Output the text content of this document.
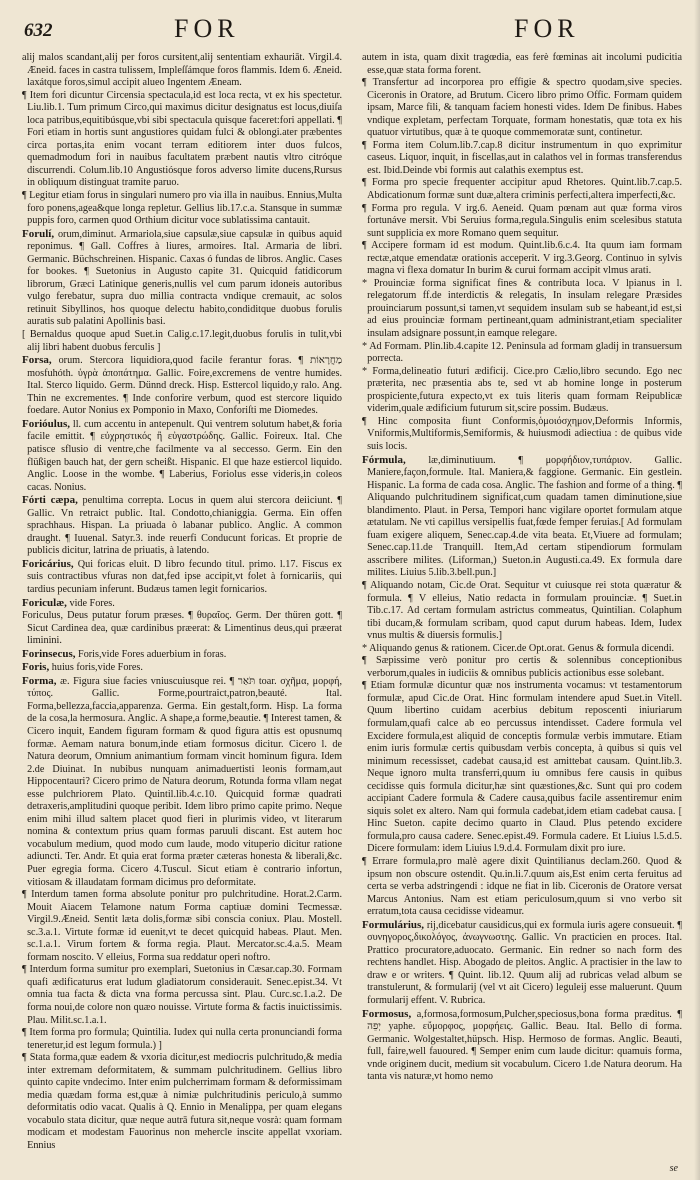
632	FOR	FOR

alij malos scandant,alij per foros cursitent,alij sententiam exhauriāt. Virgil.4. Æneid. faces in castra tulissem, Impleſſámque foros flammis. Idem 6. Æneid. laxátque foros,simul accipit alueo Ingentem Æneam.

¶ Item fori dicuntur Circensia spectacula,id est loca recta, vt ex his spectetur. Liu.lib.1. Tum primum Circo,qui maximus dicitur designatus est locus,diuiſa loca patribus,equitibúsque,vbi sibi spectacula quisque faceret:fori appellati. ¶ Fori etiam in hortis sunt angustiores quidam fulci & oblongi.ater præbentes circa portas,ita enim vocant terram editiorem inter duos fulcos, quemadmodum fori in nauibus facultatem præbent nautis vltro citróque discurrendi. Colum.lib.10 Angustiósque foros adverso limite ducens,Rursus in obliquum distinguat tramite paruo.

¶ Legitur etiam forus in singulari numero pro via illa in nauibus. Ennius,Multa foro ponens,agea&que longa repletur. Gellius lib.17.c.a. Stansque in summæ puppis foro, carmen quod Orthium dicitur voce sublatissima cantauit.

Forulí, orum,diminut. Armariola,siue capsulæ,siue capsulæ in quibus aquid reponimus. ¶ Gall. Coffres à liures, armoires. Ital. Armaria de libri. Germanic. Büchschreinen. Hispanic. Caxas ó fundas de libros. Anglic. Cases for bookes. ¶ Suetonius in Augusto capite 31. Quicquid fatidicorum librorum, Græci Latinique generis,nullis vel cum parum idoneis autoribus vulgo ferebatur, supra duo millia contracta vndique cremauit, ac solos retinuit Sibyllinos, hos quoque delectu habito,condiditque duobus forulis auratis sub palatini Apollinis basi.

[ Bernaldus quoque apud Suet.in Calig.c.17.legit,duobus forulis in tulit,vbi alij libri habent duobus ferculis ]

Forsa, orum. Stercora liquidiora,quod facile ferantur foras. ¶ מַחֲרָאוֹת mosfuhóth. ὑγρὰ ἀποπάτημα. Gallic. Foire,excremens de ventre humides. Ital. Sterco liquido. Germ. Dünnd dreck. Hisp. Esttercol liquido,y ralo. Ang. Thin ne excrementes. ¶ Inde conforire verbum, quod est stercore liquido foedare. Autor Nonius ex Pomponio in Maxo, Conforiſti me Diomedes.

Forióulus, ll. cum accentu in antepenult. Qui ventrem solutum habet,& foria facile emittit. ¶ εὐχρηστικός ἢ εὐγαστρώδης. Gallic. Foireux. Ital. Che patisce sflusio di ventre,che facilmente va al seccesso. Germ. Ein den flüßigen bauch hat, der gern scheißt. Hispanic. El que haze estiercol liquido. Anglic. Loose in the wombe. ¶ Laberius, Foriolus esse videris,in coleos cacas. Nonius.

Fórti cæpa, penultima correpta. Locus in quem alui stercora deiiciunt. ¶ Gallic. Vn retraict public. Ital. Condotto,chianiggia. Germa. Ein offen sprachhaus. Hispan. La priuada ò labanar publico. Anglic. A common draught. ¶ Iuuenal. Satyr.3. inde reuerfi Conducunt foricas. Et proprie de publicis dicitur, latrina de priuatis, à latendo.

Foricárius, Qui foricas eluit. D libro fecundo titul. primo. l.17. Fiscus ex suis contractibus vfuras non dat,fed ipse accipit,vt folet à fornicariis, qui tardius pecuniam inferunt. Budæus tamen legit fornicarios.

Foriculæ, vide Fores.

Foriculus, Deus putatur forum præses. ¶ θυραῖος. Germ. Der thüren gott. ¶ Sicut Cardinea dea, quæ cardinibus præerat: & Limentinus deus,qui præerat liminini.

Forinsecus, Foris,vide Fores aduerbium in foras.

Foris, huius foris,vide Fores.

Forma, æ. Figura siue facies vniuscuiusque rei. ¶ תֹּאַר toar. σχῆμα, μορφή, τύπος. Gallic. Forme,pourtraict,patron,beauté. Ital. Forma,bellezza,faccia,apparenza. Germa. Ein gestalt,form. Hisp. La forma de la cosa,la hermosura. Anglic. A shape,a forme,beautie. ¶ Interest tamen, & Cicero inquit, Eandem figuram formam & quod figura attis est opusnumq formæ. Aemam natura bonum,inde etiam formosus dicitur. Cicero l. de Natura deorum, Omnium animantium formam vincit hominum figura. Idem 2.de Diuinat. In nubibus nunquam animaduertisti leonis formam,aut Hippocentauri? Cicero primo de Natura deorum, Rotunda forma vllam negat esse pulchriorem Plato. Quintil.lib.4.c.10. Quicquid formæ quadrati detraxeris,amplitudini quoque peribit. Idem libro primo capite primo. Neque enim mihi illud saltem placet quod fieri in plurimis video, vt literarum nomina & contextum prius quam formas paruuli discant. Est autem hoc vocabulum medium, quod modo cum laude, modo vituperio dicitur ratione adiuncti. Ter. Andr. Et quia erat forma præter cæteras honesta & liberali,&c. Puer egregia forma. Cicero 4.Tuscul. Sicut etiam è contrario infortun, vitiosam & illaudatam formam dicimus pro deformitate.

¶ Interdum tamen forma absolute ponitur pro pulchritudine. Horat.2.Carm. Mouit Aiacem Telamone natum Forma captiuæ domini Tecmessæ. Virgil.9.Æneid. Sentit læta dolis,formæ sibi conscia coniux. Plau. Mostell. sc.3.a.1. Virtute formæ id euenit,vt te decet quicquid habeas. Plaut. Men. sc.1.a.1. Virum fortem & forma regia. Plaut. Mercator.sc.4.a.5. Meam formam noscito. V elleius, Forma sua reddatur operi noftro.

¶ Interdum forma sumitur pro exemplari, Suetonius in Cæsar.cap.30. Formam quafi ædificaturus erat ludum gladiatorum considerauit. Senec.epist.34. Vt omnia tua facta & dicta vna forma percussa sint. Plau. Curc.sc.1.a.2. De forma noui,de colore non quæo nouisse. Virtute forma & factis inuictissimis. Plau. Milit.sc.1.a.1.

¶ Item forma pro formula; Quintilia. Iudex qui nulla certa pronunciandi forma teneretur,id est legum formula.) ]

¶ Stata forma,quæ eadem & vxoria dicitur,est mediocris pulchritudo,& media inter extremam deformitatem, & summam pulchritudinem. Gellius libro quinto capite vndecimo. Inter enim pulcherrimam formam & deformissimam media quædam forma est,quæ à nimiæ pulchritudinis periculo,à summo deformitatis odio vacat. Qualis à Q. Ennio in Menalippa, per quam elegans vocabulo stata dicitur, quæ neque autrā futura sit,neque vosrà: quam formam modicam et modestam Fauorinus non mehercle inscite appellat vxoriam. Ennius

autem in ista, quam dixit tragœdia, eas ferè fœminas ait incolumi pudicitia esse,quæ stata forma forent.

¶ Transfertur ad incorporea pro effigie & spectro quodam,sive species. Ciceronis in Oratore, ad Brutum. Cicero libro primo Offic. Formam quidem ipsam, Marce fili, & tanquam faciem honesti vides. Idem De finibus. Habes vndique expletam, perfectam Torquate, formam honestatis, quæ tota ex his quatuor virtutibus, quæ à te quoque commemoratæ sunt, continetur.

¶ Forma item Colum.lib.7.cap.8 dicitur instrumentum in quo exprimitur caseus. Liquor, inquit, in fiscellas,aut in calathos vel in formas transferendus est. Ibid.Deinde vbi formis aut calathis exemptus est.

¶ Forma pro specie frequenter accipitur apud Rhetores. Quint.lib.7.cap.5. Abdicationum formæ sunt duæ,altera criminis perfecti,altera imperfecti,&c.

¶ Forma pro regula. V irg.6. Aeneid. Quam pœnam aut quæ forma viros fortunáve mersit. Vbi Seruius forma,regula.Singulis enim scelesibus statuta sunt supplicia ex more Romano quem sequitur.

¶ Accipere formam id est modum. Quint.lib.6.c.4. Ita quum iam formam rectæ,atque emendatæ orationis acceperit. V irg.3.Georg. Continuo in sylvis magna vi flexa domatur In burim & curui formam accipit vlmus arati.

* Prouinciæ forma significat fines & contributa loca. V lpianus in l. relegatorum ff.de interdictis & relegatis, In insulam relegare Præsides prouinciarum possunt,si tamen,vt sequidem insulam sub se habeant,id est,si ad eius prouinciæ formam pertineant,quam administrant,etiam specialiter insulam adsignare possunt,in eamque relegare.

* Ad Formam. Plin.lib.4.capite 12. Peninsula ad formam gladij in transuersum porrecta.

* Forma,delineatio futuri ædificij. Cice.pro Cælio,libro secundo. Ego nec præterita, nec præsentia abs te, sed vt ab homine longe in posterum prospiciente,futura expecto,vt ex tuis literis quam formam Reipublicæ viderim,quale ædificium futurum sit,scire possim. Budæus.

¶ Hinc composita fiunt Conformis,ὁμοιόσχημον,Deformis Informis, Vniformis,Multiformis,Semiformis, & huiusmodi adiectiua : de quibus vide suis locis.

Fórmula, læ,diminutiuum. ¶ μορφήδιον,τυπάριον. Gallic. Maniere,façon,formule. Ital. Maniera,& faggione. Germanic. Ein gestlein. Hispanic. La forma de cada cosa. Anglic. The fashion and forme of a thing. ¶ Aliquando pulchritudinem significat,cum quadam tamen diminutione,siue blandimento. Plaut. in Persa, Tempori hanc vigilare oportet formulam atque ætatulam. Ne vti capillus versipellis fuat,fœde femper feruias.[ Ad formulam fuam exigere aliquem, Senec.cap.4.de vita beata. Et,Viuere ad formulam; Senec.cap.11.de Tranquill. Item,Ad certam stipendiorum formulam asscribere milites. (Liforman,) Sueton.in Augusti.ca.49. Ex formula dare milites. Liuius 5.lib.3.bell.pun.]

¶ Aliquando notam, Cic.de Orat. Sequitur vt cuiusque rei stota quæratur & formula. ¶ V elleius, Natio redacta in formulam prouinciæ. ¶ Suet.in Tib.c.17. Ad certam formulam astrictus commeatus, Quintilian. Colaphum tibi ducam,& formulam scribam, quod caput durum habeas. Idem, Iudex vnus multis & diuersis formulis.]

* Aliquando genus & rationem. Cicer.de Opt.orat. Genus & formula dicendi.

¶ Sæpissime verò ponitur pro certis & solennibus conceptionibus verborum,quales in iudiciis & omnibus publicis actionibus esse solebant.

¶ Etiam formulæ dicuntur quæ nos instrumenta vocamus: vt testamentorum formulæ, apud Cic.de Orat. Hinc formulam intendere apud Suet.in Vitell. Quum libertino cuidam acerbius debitum reposcenti iniuriarum formulam,quafi calce ab eo percussus intendisset. Cadere formula vel Excidere formula,est aliquid de conceptis formulæ verbis immutare. Etiam enim iuris formulæ certis quibusdam verbis concepta, à quibus si quis vel minimum recessisset, cadebat causa,id est amittebat causam. Quint.lib.3. Neque ignoro multa transferri,quum iu omnibus fere causis in quibus cecidisse quis formula dicitur,hæ sint quæstiones,&c. Sunt qui pro codem accipiant Cadere formula & Cadere causa,quibus facile assentiremur enim siquis solet ex altero. Nam qui formula cadebat,idem etiam cadebat causa. [ Hinc Sueton. capite decimo quarto in Claud. Plus petendo excidere formula,pro causa cadere. Senec.epist.49. Formula cadere. Et Liuius l.5.d.5. Dicere formulam: idem Liuius l.9.d.4. Formulam dixit pro iure.

¶ Errare formula,pro malè agere dixit Quintilianus declam.260. Quod & ipsum non obscure ostendit. Qu.in.li.7.quum ais,Est enim certa feruitus ad certa se verba adstringendi : idque ne fiat in lib. Ciceronis de Oratore versat Marcus Antonius. Nam est etiam periculosum,quum si vno verbo sit erratum,tota causa cecidisse videamur.

Formulárius, rij,dicebatur causidicus,qui ex formula iuris agere consueuit. ¶ συνηγορος,δικολόγος, ἀνωγνωστης. Gallic. Vn practicien en proces. Ital. Prattico procuratore,aduocato. Germanic. Ein redner so nach form des rechtens handlet. Hisp. Abogado de pleitos. Anglic. A practisier in the law to draw e or writers. ¶ Quint. lib.12. Quum alij ad rubricas velad album se transtulerunt, & formularij (vel vt ait Cicero) leguleij esse maluerunt. Quum formularij effent. V. Rubrica.

Formosus, a,formosa,formosum,Pulcher,speciosus,bona forma præditus. ¶ יְפֵה yaphe. εὔμορφος, μορφήεις. Gallic. Beau. Ital. Bello di forma. Germanic. Wolgestaltet,hüpsch. Hisp. Hermoso de formas. Anglic. Beauti, full, faire,well fauoured. ¶ Semper enim cum laude dicitur: quamuis forma, vnde originem ducit, medium sit vocabulum. Cicero 1.de Natura deorum. Ha tanta vis naturæ,vt homo nemo

se
